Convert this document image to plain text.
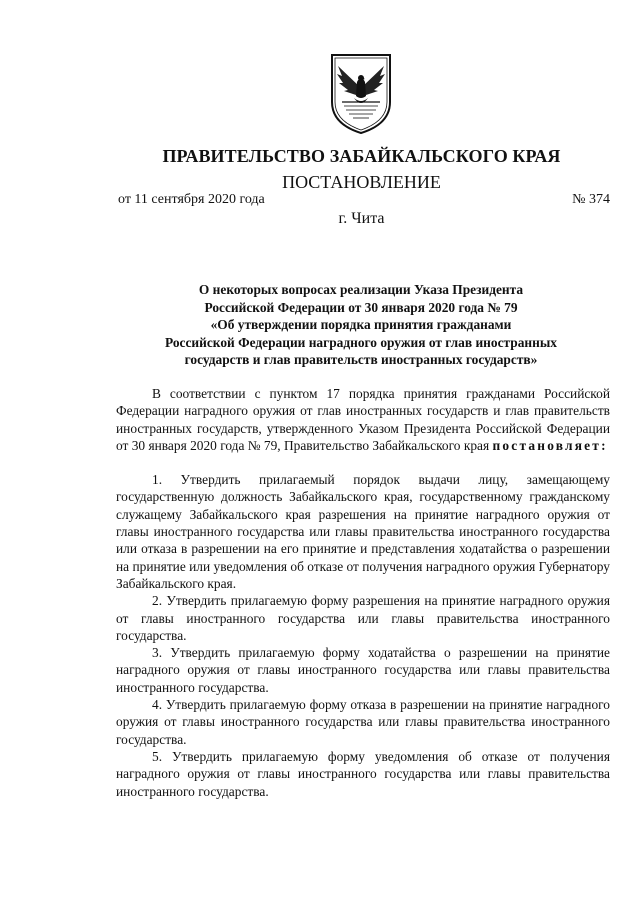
ПРАВИТЕЛЬСТВО ЗАБАЙКАЛЬСКОГО КРАЯ
ПОСТАНОВЛЕНИЕ
от 11 сентября 2020 года	№ 374
г. Чита
О некоторых вопросах реализации Указа Президента
Российской Федерации от 30 января 2020 года № 79
«Об утверждении порядка принятия гражданами
Российской Федерации наградного оружия от глав иностранных
государств и глав правительств иностранных государств»

В соответствии с пунктом 17 порядка принятия гражданами Российской Федерации наградного оружия от глав иностранных государств и глав правительств иностранных государств, утвержденного Указом Президента Российской Федерации от 30 января 2020 года № 79, Правительство Забайкальского края постановляет:

1. Утвердить прилагаемый порядок выдачи лицу, замещающему государственную должность Забайкальского края, государственному гражданскому служащему Забайкальского края разрешения на принятие наградного оружия от главы иностранного государства или главы правительства иностранного государства или отказа в разрешении на его принятие и представления ходатайства о разрешении на принятие или уведомления об отказе от получения наградного оружия Губернатору Забайкальского края.

2. Утвердить прилагаемую форму разрешения на принятие наградного оружия от главы иностранного государства или главы правительства иностранного государства.

3. Утвердить прилагаемую форму ходатайства о разрешении на принятие наградного оружия от главы иностранного государства или главы правительства иностранного государства.

4. Утвердить прилагаемую форму отказа в разрешении на принятие наградного оружия от главы иностранного государства или главы правительства иностранного государства.

5. Утвердить прилагаемую форму уведомления об отказе от получения наградного оружия от главы иностранного государства или главы правительства иностранного государства.
